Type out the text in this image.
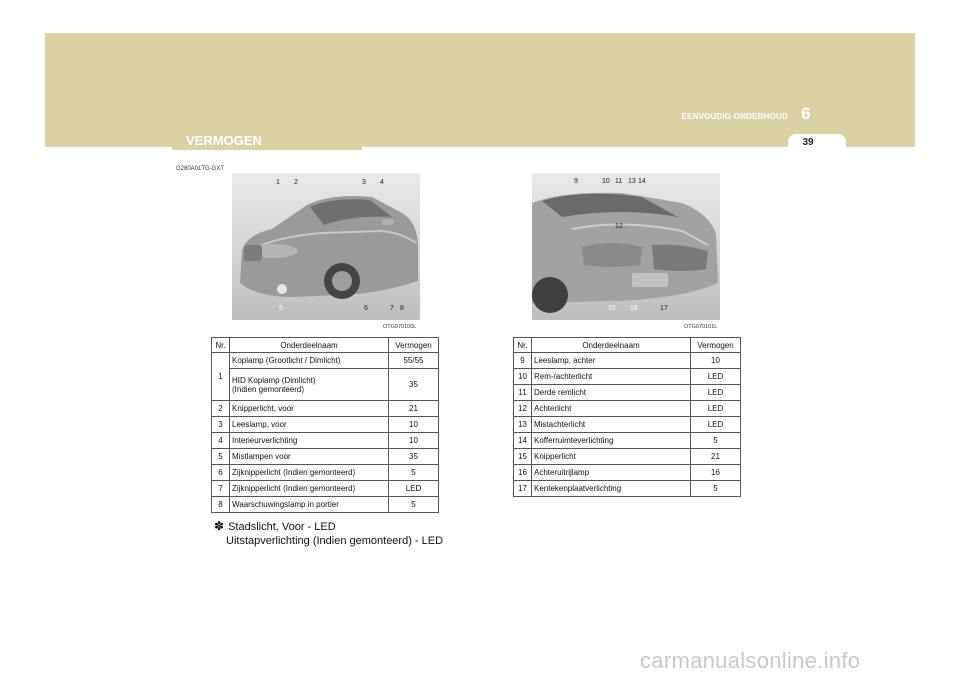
VERMOGEN
EENVOUDIG ONDERHOUD 6
39
G280A01TG-GXT
1 2	3 4
5	6	7 8
OTG070100L
9	10 11 13 14
12
15 16	17
OTG070101L
Nr.	Onderdeelnaam	Vermogen
1	Koplamp (Grootlicht / Dimlicht)	55/55
	HID Koplamp (Dimlicht)
(Indien gemonteerd)	35
2	Knipperlicht, voor	21
3	Leeslamp, voor	10
4	Interieurverlichting	10
5	Mistlampen voor	35
6	Zijknipperlicht (Indien gemonteerd)	5
7	Zijknipperlicht (Indien gemonteerd)	LED
8	Waarschuwingslamp in portier	5
Nr.	Onderdeelnaam	Vermogen
9	Leeslamp, achter	10
10	Rem-/achterlicht	LED
11	Derde remlicht	LED
12	Achterlicht	LED
13	Mistachterlicht	LED
14	Kofferruimteverlichting	5
15	Knipperlicht	21
16	Achteruitrijlamp	16
17	Kentekenplaatverlichting	5
✽ Stadslicht, Voor - LED
Uitstapverlichting (Indien gemonteerd) - LED
carmanualsonline.info
